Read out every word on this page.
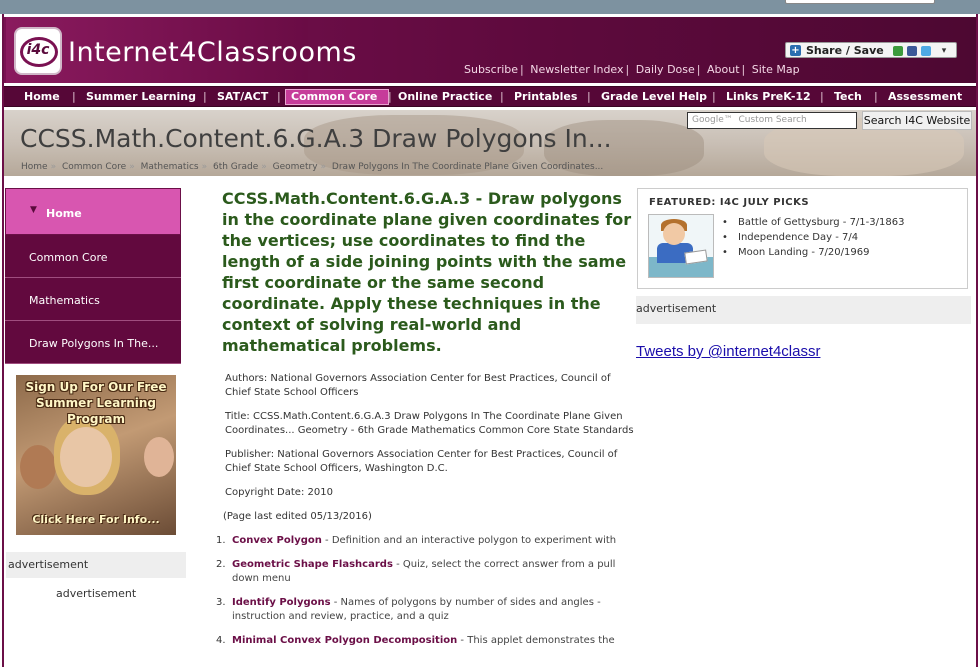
i4c Internet4Classrooms
Subscribe | Newsletter Index | Daily Dose | About | Site Map
+ Share / Save	▾
Home | Summer Learning | SAT/ACT | Common Core | Online Practice | Printables | Grade Level Help | Links PreK-12 | Tech | Assessment
CCSS.Math.Content.6.G.A.3 Draw Polygons In...
Home » Common Core » Mathematics » 6th Grade » Geometry » Draw Polygons In The Coordinate Plane Given Coordinates...
Google™ Custom Search	Search I4C Website
▼ Home
Common Core
Mathematics
Draw Polygons In The...
Sign Up For Our Free Summer Learning Program
Click Here For Info...
advertisement
advertisement
CCSS.Math.Content.6.G.A.3 - Draw polygons in the coordinate plane given coordinates for the vertices; use coordinates to find the length of a side joining points with the same first coordinate or the same second coordinate. Apply these techniques in the context of solving real-world and mathematical problems.

Authors: National Governors Association Center for Best Practices, Council of Chief State School Officers

Title: CCSS.Math.Content.6.G.A.3 Draw Polygons In The Coordinate Plane Given Coordinates... Geometry - 6th Grade Mathematics Common Core State Standards

Publisher: National Governors Association Center for Best Practices, Council of Chief State School Officers, Washington D.C.

Copyright Date: 2010

(Page last edited 05/13/2016)

1. Convex Polygon - Definition and an interactive polygon to experiment with
2. Geometric Shape Flashcards - Quiz, select the correct answer from a pull down menu
3. Identify Polygons - Names of polygons by number of sides and angles - instruction and review, practice, and a quiz
4. Minimal Convex Polygon Decomposition - This applet demonstrates the
FEATURED: I4C JULY PICKS
• Battle of Gettysburg - 7/1-3/1863
• Independence Day - 7/4
• Moon Landing - 7/20/1969
advertisement
Tweets by @internet4classr
